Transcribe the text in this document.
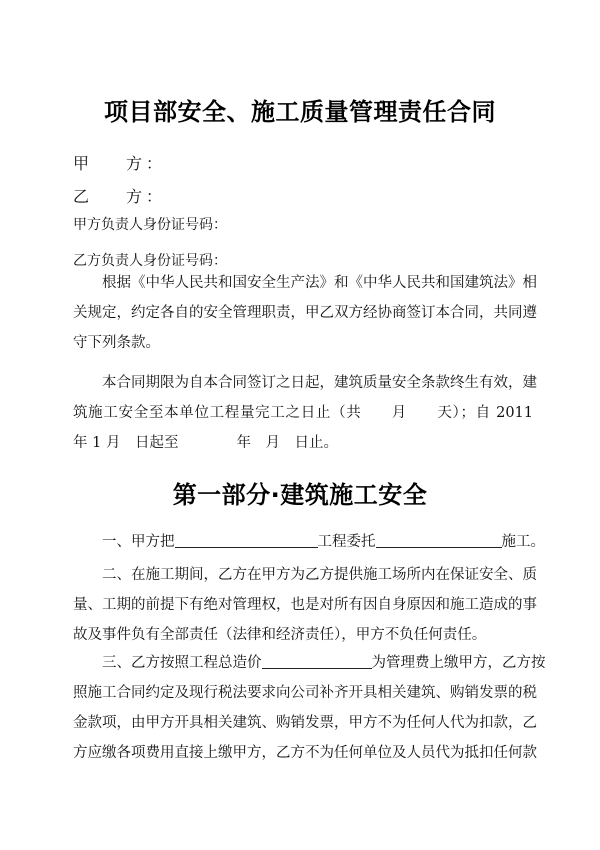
项目部安全、施工质量管理责任合同
甲 方 ：
乙 方 ：
甲方负责人身份证号码：
乙方负责人身份证号码：
根据《中华人民共和国安全生产法》和《中华人民共和国建筑法》相
关规定，约定各自的安全管理职责，甲乙双方经协商签订本合同，共同遵
守下列条款。
本合同期限为自本合同签订之日起，建筑质量安全条款终生有效，建
筑施工安全至本单位工程量完工之日止（共　　月　　天）；自 2011
年 1 月　日起至　　　　年　月　日止。
第一部分·建筑施工安全
一、甲方把	工程委托	施工。
二、在施工期间，乙方在甲方为乙方提供施工场所内在保证安全、质
量、工期的前提下有绝对管理权，也是对所有因自身原因和施工造成的事
故及事件负有全部责任（法律和经济责任），甲方不负任何责任。
三、乙方按照工程总造价	为管理费上缴甲方，乙方按
照施工合同约定及现行税法要求向公司补齐开具相关建筑、购销发票的税
金款项，由甲方开具相关建筑、购销发票，甲方不为任何人代为扣款，乙
方应缴各项费用直接上缴甲方，乙方不为任何单位及人员代为抵扣任何款
